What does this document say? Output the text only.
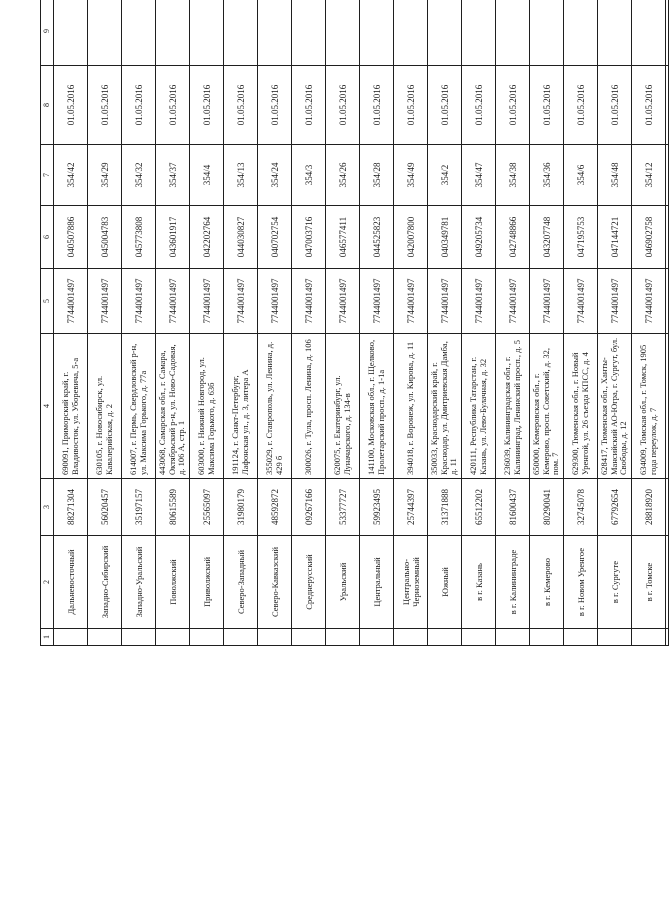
1	2	3	4	5	6	7	8	9		
	Дальневосточный	88271304	690091, Приморский край, г. Владивосток, ул. Уборевича, 5-а	7744001497	040507886	354/42	01.05.2016			
	Западно-Сибирский	56020457	630105, г. Новосибирск, ул. Кавалерийская, д. 2	7744001497	045004783	354/29	01.05.2016			
	Западно-Уральский	35197157	614007, г. Пермь, Свердловский р-н, ул. Максима Горького, д. 77а	7744001497	045773808	354/32	01.05.2016			
	Поволжский	80615589	443068, Самарская обл., г. Самара, Октябрьский р-н, ул. Ново-Садовая, д. 106 А, стр. 1	7744001497	043601917	354/37	01.05.2016			
	Приволжский	25565097	603000, г. Нижний Новгород, ул. Максима Горького, д. 63б	7744001497	042202764	354/4	01.05.2016			
	Северо-Западный	31980179	191124, г. Санкт-Петербург, Лафонская ул., д. 3, литера А	7744001497	044030827	354/13	01.05.2016			
	Северо-Кавказский	48592872	355029, г. Ставрополь, ул. Ленина, д. 429 б	7744001497	040702754	354/24	01.05.2016			
	Среднерусский	09267166	300026, г. Тула, просп. Ленина, д. 106	7744001497	047003716	354/3	01.05.2016			
	Уральский	53377727	620075, г. Екатеринбург, ул. Луначарского, д. 134-в	7744001497	046577411	354/26	01.05.2016			
	Центральный	59923495	141100, Московская обл., г. Щелково, Пролетарский просп., д. 1-1а	7744001497	044525823	354/28	01.05.2016			
	Центрально-Черноземный	25744397	394018, г. Воронеж, ул. Кирова, д. 11	7744001497	042007800	354/49	01.05.2016			
	Южный	31371888	350033, Краснодарский край, г. Краснодар, ул. Дмитриевская Дамба, д. 11	7744001497	040349781	354/2	01.05.2016			
	в г. Казань	65512202	420111, Республика Татарстан, г. Казань, ул. Лево-Булачная, д. 32	7744001497	049205734	354/47	01.05.2016			
	в г. Калининграде	81600437	236039, Калининградская обл., г. Калининград, Ленинский просп., д. 5	7744001497	042748866	354/38	01.05.2016			
	в г. Кемерово	80290041	650000, Кемеровская обл., г. Кемерово, просп. Советский, д. 32, пом. 7	7744001497	043207748	354/36	01.05.2016			
	в г. Новом Уренгое	32745078	629300, Тюменская обл., г. Новый Уренгой, ул. 26 съезда КПСС, д. 4	7744001497	047195753	354/6	01.05.2016			
	в г. Сургуте	67792654	628417, Тюменская обл., Ханты-Мансийский АО-Югра, г. Сургут, бул. Свободы, д. 12	7744001497	047144721	354/48	01.05.2016			
	в г. Томске	28818920	634009, Томская обл., г. Томск, 1905 года переулок, д. 7	7744001497	046902758	354/12	01.05.2016			
